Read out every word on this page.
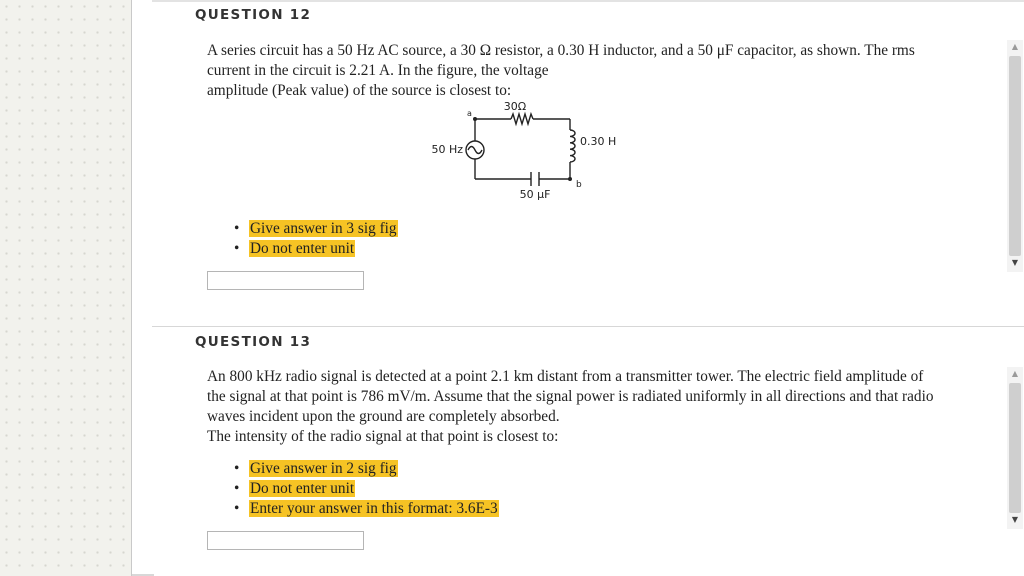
QUESTION 12
A series circuit has a 50 Hz AC source, a 30 Ω resistor, a 0.30 H inductor, and a 50 μF capacitor, as shown. The rms
current in the circuit is 2.21 A. In the figure, the voltage
amplitude (Peak value) of the source is closest to:
30Ω
a
50 Hz
0.30 H
b
50 μF
• Give answer in 3 sig fig
• Do not enter unit
▲
▼
QUESTION 13
An 800 kHz radio signal is detected at a point 2.1 km distant from a transmitter tower. The electric field amplitude of
the signal at that point is 786 mV/m. Assume that the signal power is radiated uniformly in all directions and that radio
waves incident upon the ground are completely absorbed.
The intensity of the radio signal at that point is closest to:
• Give answer in 2 sig fig
• Do not enter unit
• Enter your answer in this format: 3.6E-3
▲
▼
